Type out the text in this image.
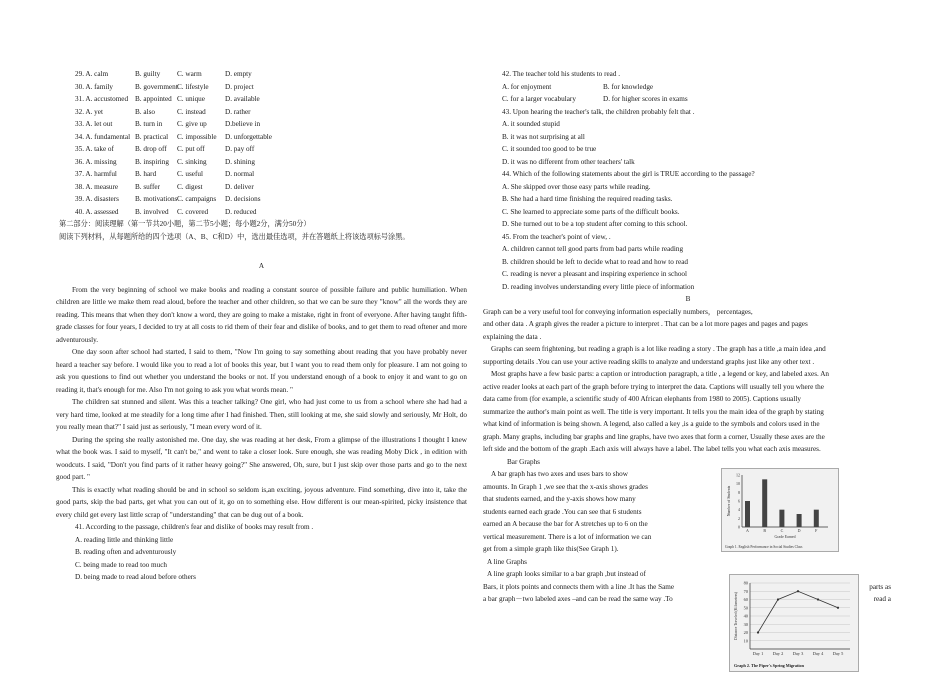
29. A. calm	B. guilty	C. warm	D. empty
30. A. family	B. government C. lifestyle	D. project
31. A. accustomed B. appointed C. unique	D. available
32. A. yet	B. also	C. instead	D. rather
33. A. let out	B. turn in	C. give up	D.believe in
34. A. fundamental B. practical	C. impossible	D. unforgettable
35. A. take of	B. drop off	C. put off	D. pay off
36. A. missing	B. inspiring	C. sinking	D. shining
37. A. harmful	B. hard	C. useful	D. normal
38. A. measure	B. suffer	C. digest	D. deliver
39. A. disasters	B. motivations C. campaigns	D. decisions
40. A. assessed	B. involved	C. covered	D. reduced
第二部分：阅读理解（第一节共20小题，第二节5小题；每小题2分，满分50分）
阅读下列材料，从每题所给的四个选项（A、B、C和D）中，选出最佳选项，并在答题纸上将该选项标号涂黑。
A

From the very beginning of school we make books and reading a constant source of possible failure and public humiliation. When children are little we make them read aloud, before the teacher and other children, so that we can be sure they "know" all the words they are reading. This means that when they don't know a word, they are going to make a mistake, right in front of everyone. After having taught fifth-grade classes for four years, I decided to try at all costs to rid them of their fear and dislike of books, and to get them to read oftener and more adventurously.

One day soon after school had started, I said to them, "Now I'm going to say something about reading that you have probably never heard a teacher say before. I would like you to read a lot of books this year, but I want you to read them only for pleasure. I am not going to ask you questions to find out whether you understand the books or not. If you understand enough of a book to enjoy it and want to go on reading it, that's enough for me. Also I'm not going to ask you what words mean. "

The children sat stunned and silent. Was this a teacher talking? One girl, who had just come to us from a school where she had had a very hard time, looked at me steadily for a long time after I had finished. Then, still looking at me, she said slowly and seriously, Mr Holt, do you really mean that?" I said just as seriously, "I mean every word of it.

During the spring she really astonished me. One day, she was reading at her desk, From a glimpse of the illustrations I thought I knew what the book was. I said to myself, "It can't be," and went to take a closer look. Sure enough, she was reading Moby Dick , in edition with woodcuts. I said, "Don't you find parts of it rather heavy going?" She answered, Oh, sure, but I just skip over those parts and go to the next good part. "

This is exactly what reading should be and in school so seldom is,an exciting, joyous adventure. Find something, dive into it, take the good parts, skip the bad parts, get what you can out of it, go on to something else. How different is our mean-spirited, picky insistence that every child get every last little scrap of "understanding" that can be dug out of a book.

41. According to the passage, children's fear and dislike of books may result from .
A. reading little and thinking little
B. reading often and adventurously
C. being made to read too much
D. being made to read aloud before others
42. The teacher told his students to read .
A. for enjoyment	B. for knowledge
C. for a larger vocabulary	D. for higher scores in exams
43. Upon hearing the teacher's talk, the children probably felt that .
A. it sounded stupid
B. it was not surprising at all
C. it sounded too good to be true
D. it was no different from other teachers' talk
44. Which of the following statements about the girl is TRUE according to the passage?
A. She skipped over those easy parts while reading.
B. She had a hard time finishing the required reading tasks.
C. She learned to appreciate some parts of the difficult books.
D. She turned out to be a top student after coming to this school.
45. From the teacher's point of view, .
A. children cannot tell good parts from bad parts while reading
B. children should be left to decide what to read and how to read
C. reading is never a pleasant and inspiring experience in school
D. reading involves understanding every little piece of information
B
Graph can be a very useful tool for conveying information especially numbers， percentages,
and other data . A graph gives the reader a picture to interpret . That can be a lot more pages and pages and pages
explaining the data .
Graphs can seem frightening, but reading a graph is a lot like reading a story . The graph has a title ,a main idea ,and
supporting details .You can use your active reading skills to analyze and understand graphs just like any other text .
Most graphs have a few basic parts: a caption or introduction paragraph, a title , a legend or key, and labeled axes. An
active reader looks at each part of the graph before trying to interpret the data. Captions will usually tell you where the
data came from (for example, a scientific study of 400 African elephants from 1980 to 2005). Captions usually
summarize the author's main point as well. The title is very important. It tells you the main idea of the graph by stating
what kind of information is being shown. A legend, also called a key ,is a guide to the symbols and colors used in the
graph. Many graphs, including bar graphs and line graphs, have two axes that form a corner, Usually these axes are the
left side and the bottom of the graph .Each axis will always have a label. The label tells you what each axis measures.
Bar Graphs
A bar graph has two axes and uses bars to show
amounts. In Graph 1 ,we see that the x-axis shows grades
that students earned, and the y-axis shows how many
students earned each grade .You can see that 6 students
earned an A because the bar for A stretches up to 6 on the
vertical measurement. There is a lot of information we can
get from a simple graph like this(See Graph 1).
A line Graphs
A line graph looks similar to a bar graph ,but instead of
Bars, it plots points and connects them with a line .It has the Same	parts as
a bar graph－two labeled axes –and can be read the same way .To	read a
0
2
4
6
8
10
12
A	B	C	D	F
Grade Earned
Number of Students
Graph 1. English Performance in Social Studies Class
10
20
30
40
50
60
70
80
Day 1 Day 2 Day 3 Day 4 Day 5
Distance Traveled (Kilometers)
Graph 2. The Piper's Spring Migration
